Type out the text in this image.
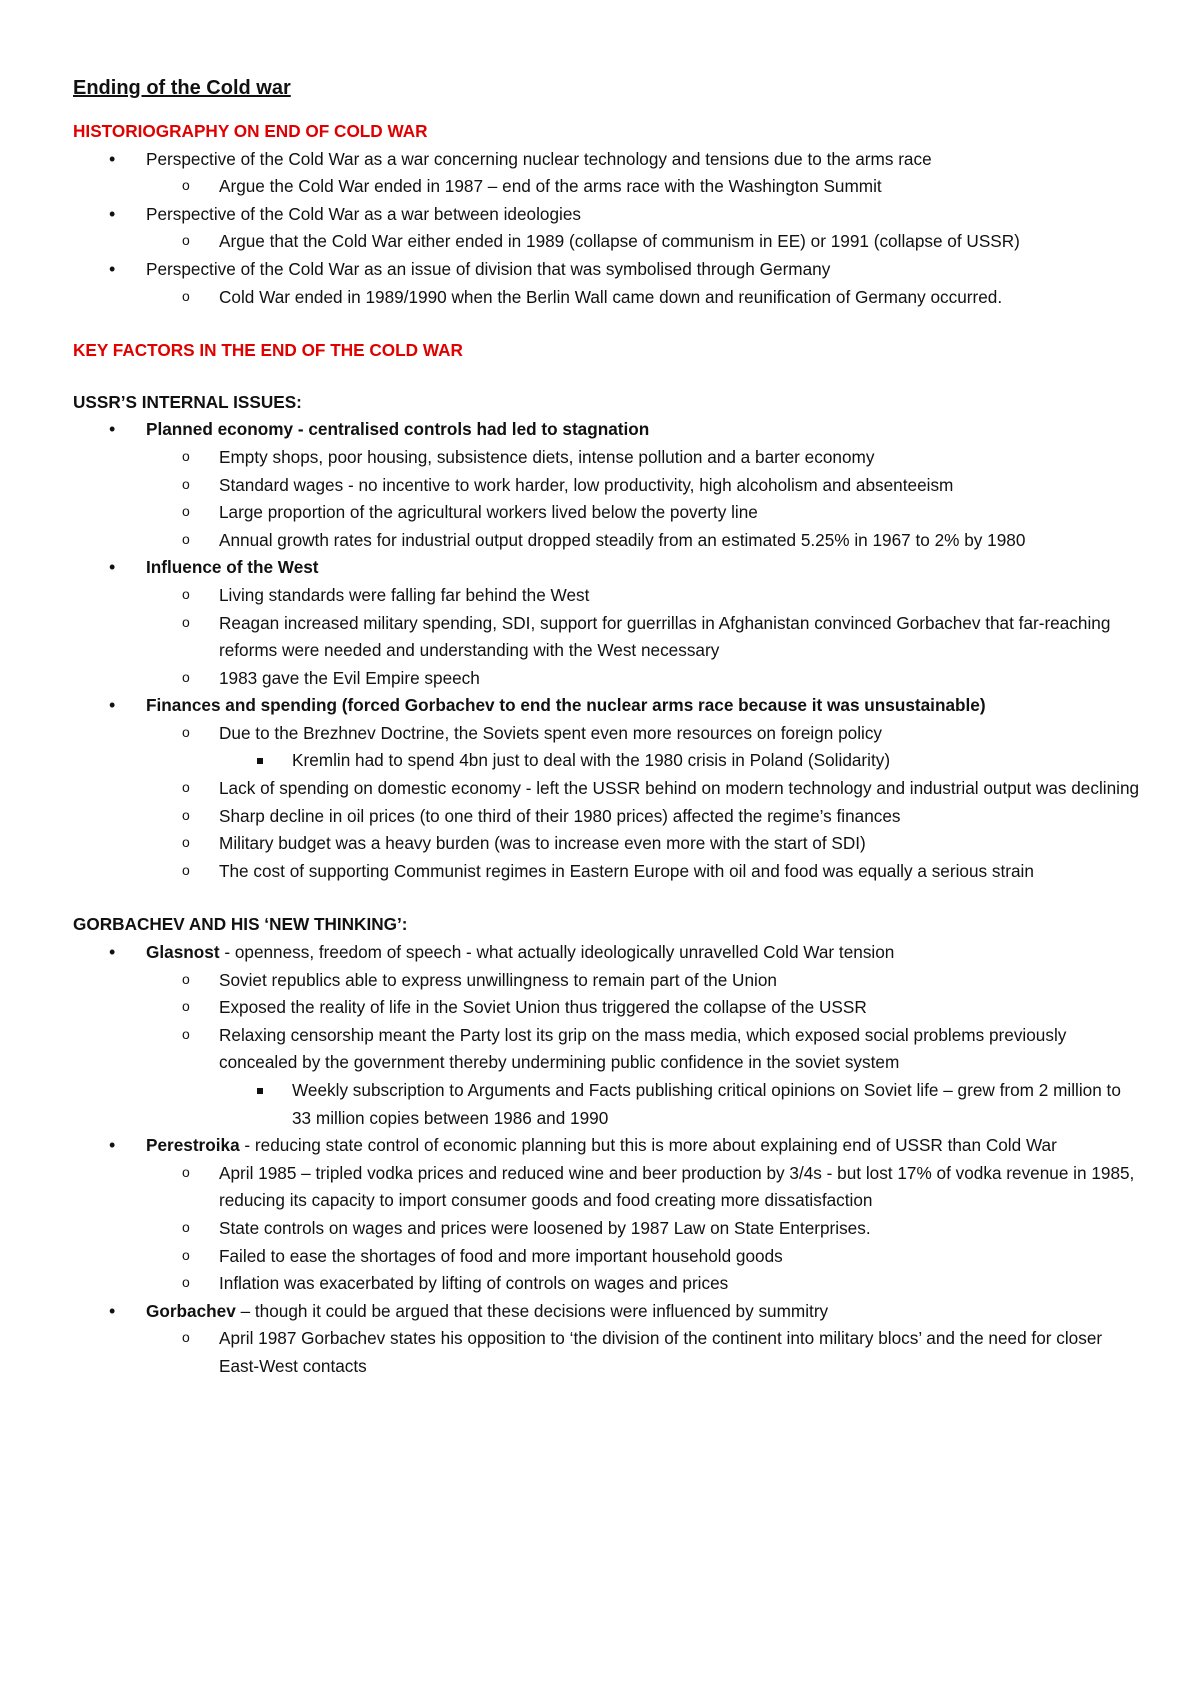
Ending of the Cold war
HISTORIOGRAPHY ON END OF COLD WAR
• Perspective of the Cold War as a war concerning nuclear technology and tensions due to the arms race
o Argue the Cold War ended in 1987 – end of the arms race with the Washington Summit
• Perspective of the Cold War as a war between ideologies
o Argue that the Cold War either ended in 1989 (collapse of communism in EE) or 1991 (collapse of USSR)
• Perspective of the Cold War as an issue of division that was symbolised through Germany
o Cold War ended in 1989/1990 when the Berlin Wall came down and reunification of Germany occurred.
KEY FACTORS IN THE END OF THE COLD WAR
USSR’S INTERNAL ISSUES:
• Planned economy - centralised controls had led to stagnation
o Empty shops, poor housing, subsistence diets, intense pollution and a barter economy
o Standard wages - no incentive to work harder, low productivity, high alcoholism and absenteeism
o Large proportion of the agricultural workers lived below the poverty line
o Annual growth rates for industrial output dropped steadily from an estimated 5.25% in 1967 to 2% by 1980
• Influence of the West
o Living standards were falling far behind the West
o Reagan increased military spending, SDI, support for guerrillas in Afghanistan convinced Gorbachev that far-reaching reforms were needed and understanding with the West necessary
o 1983 gave the Evil Empire speech
• Finances and spending (forced Gorbachev to end the nuclear arms race because it was unsustainable)
o Due to the Brezhnev Doctrine, the Soviets spent even more resources on foreign policy
Kremlin had to spend 4bn just to deal with the 1980 crisis in Poland (Solidarity)
o Lack of spending on domestic economy - left the USSR behind on modern technology and industrial output was declining
o Sharp decline in oil prices (to one third of their 1980 prices) affected the regime’s finances
o Military budget was a heavy burden (was to increase even more with the start of SDI)
o The cost of supporting Communist regimes in Eastern Europe with oil and food was equally a serious strain
GORBACHEV AND HIS ‘NEW THINKING’:
• Glasnost - openness, freedom of speech - what actually ideologically unravelled Cold War tension
o Soviet republics able to express unwillingness to remain part of the Union
o Exposed the reality of life in the Soviet Union thus triggered the collapse of the USSR
o Relaxing censorship meant the Party lost its grip on the mass media, which exposed social problems previously concealed by the government thereby undermining public confidence in the soviet system
Weekly subscription to Arguments and Facts publishing critical opinions on Soviet life – grew from 2 million to 33 million copies between 1986 and 1990
• Perestroika - reducing state control of economic planning but this is more about explaining end of USSR than Cold War
o April 1985 – tripled vodka prices and reduced wine and beer production by 3/4s - but lost 17% of vodka revenue in 1985, reducing its capacity to import consumer goods and food creating more dissatisfaction
o State controls on wages and prices were loosened by 1987 Law on State Enterprises.
o Failed to ease the shortages of food and more important household goods
o Inflation was exacerbated by lifting of controls on wages and prices
• Gorbachev – though it could be argued that these decisions were influenced by summitry
o April 1987 Gorbachev states his opposition to ‘the division of the continent into military blocs’ and the need for closer East-West contacts
